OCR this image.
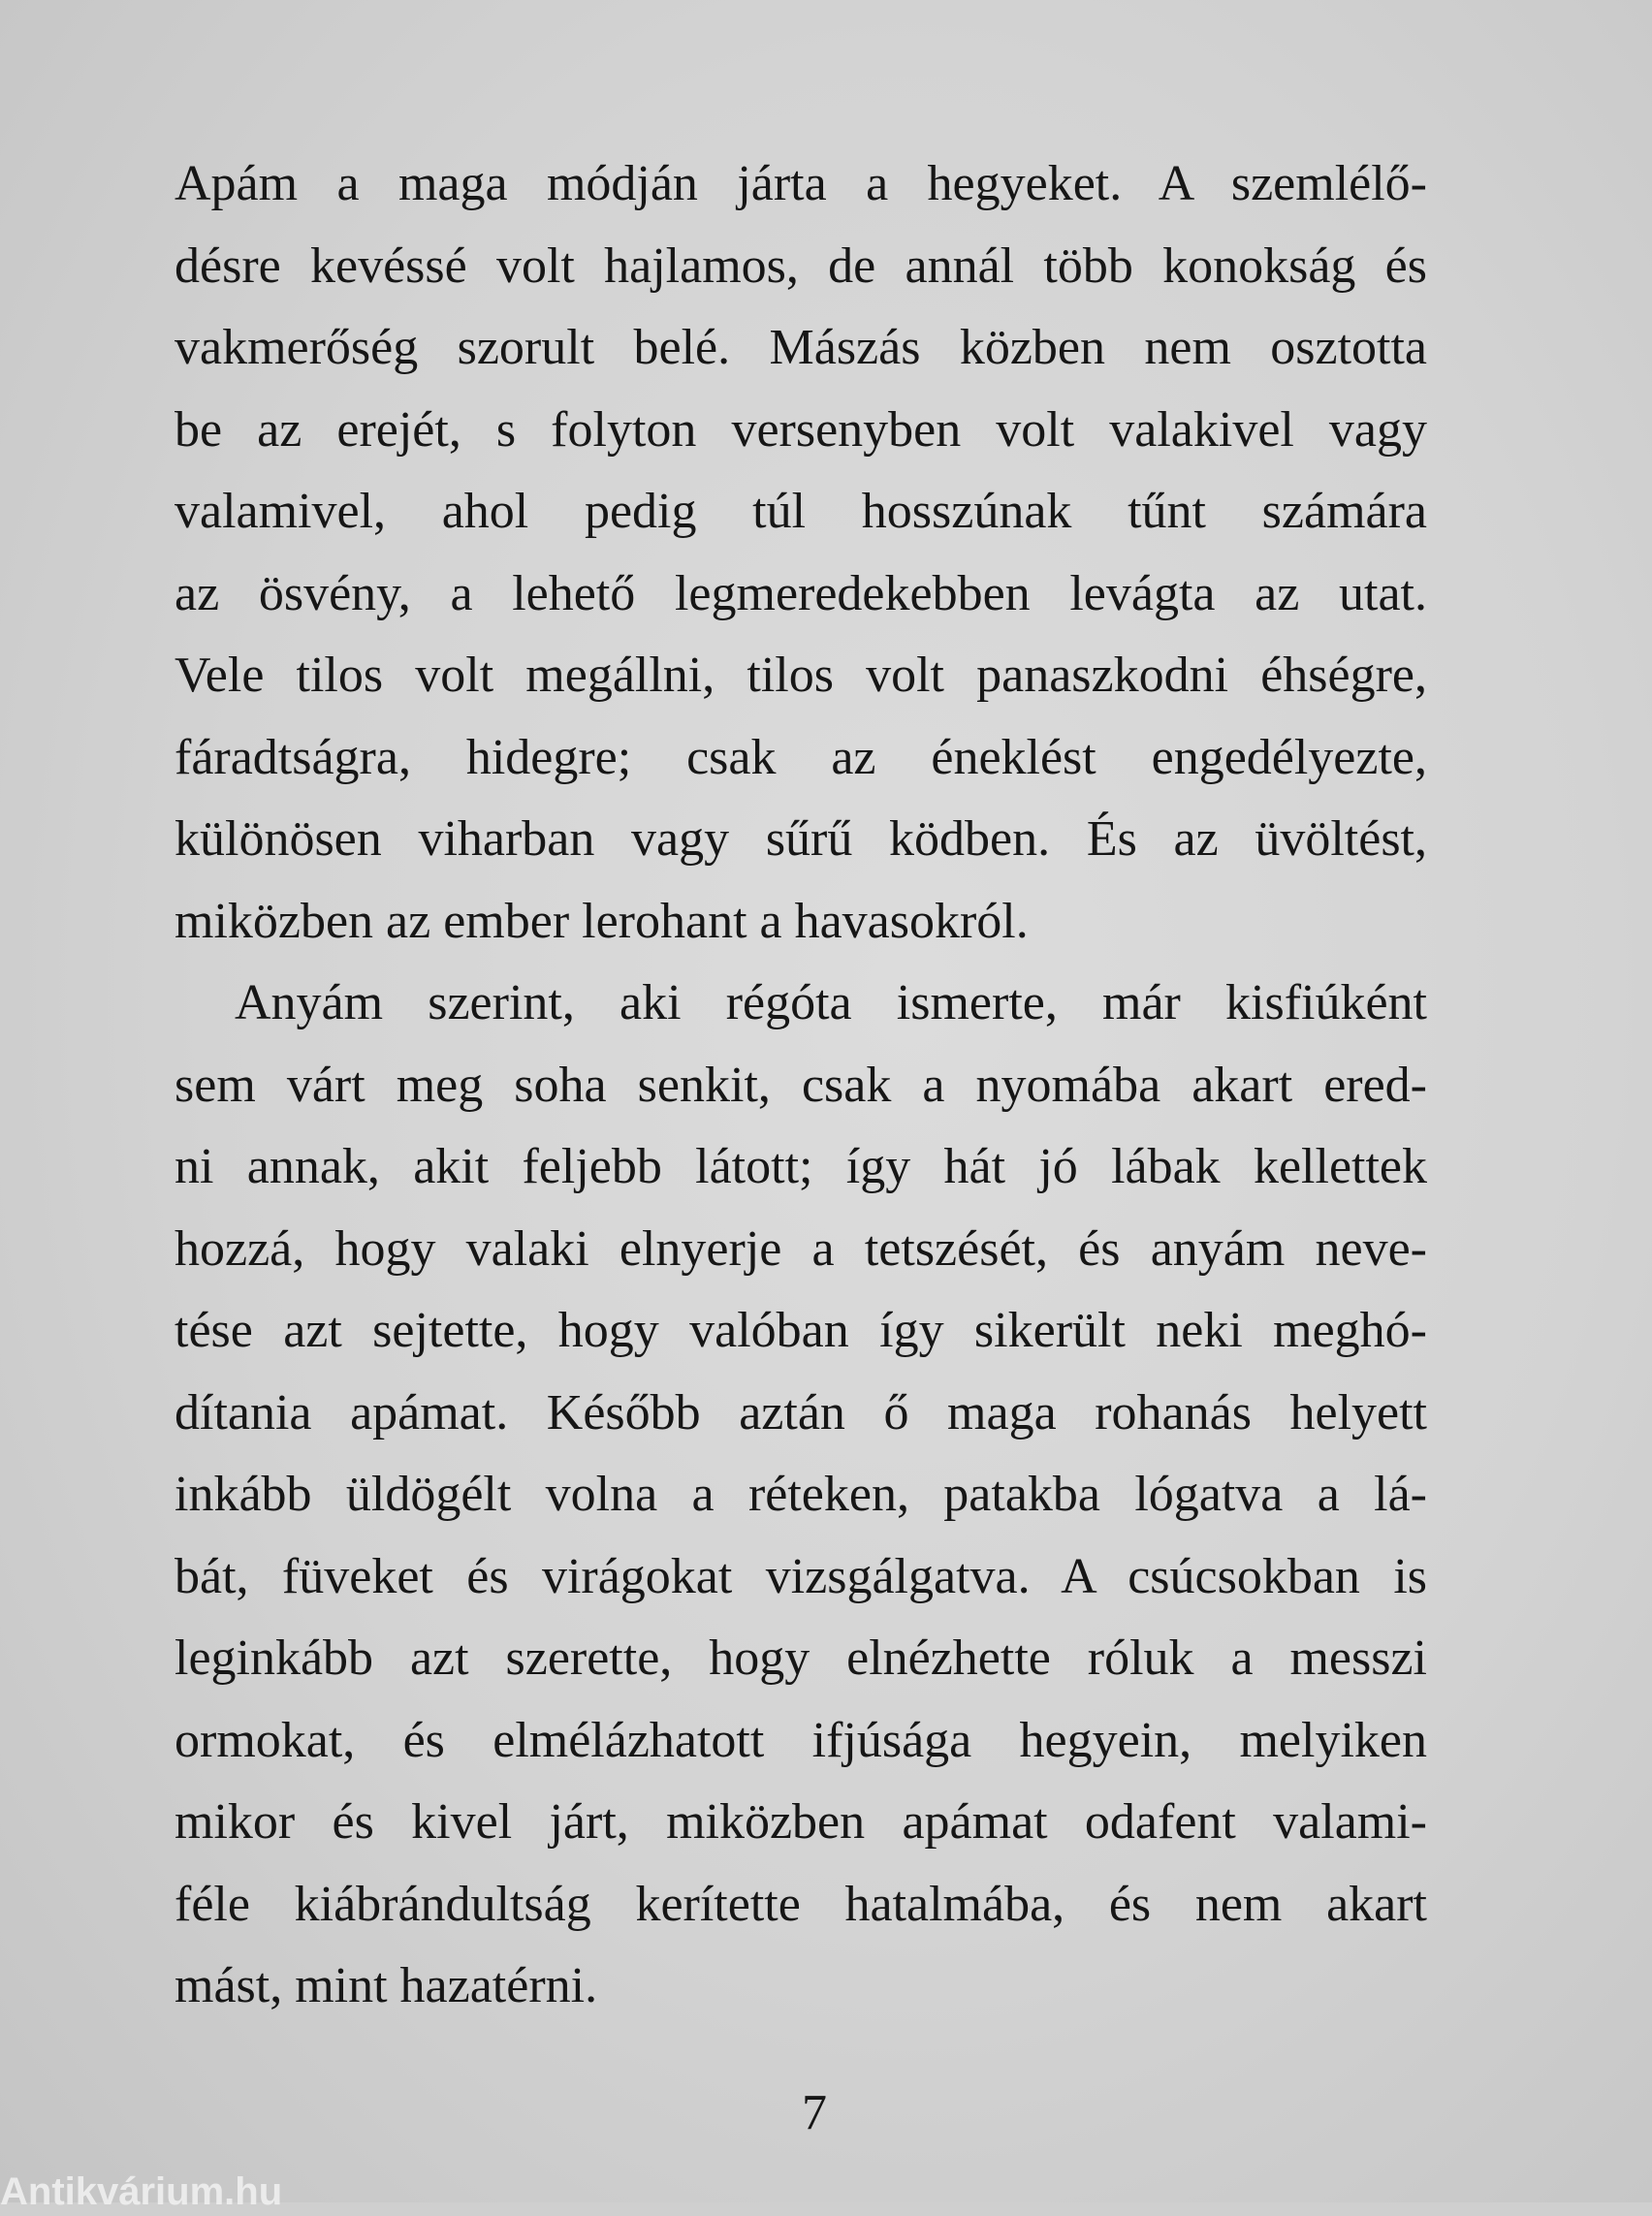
Apám a maga módján járta a hegyeket. A szemlélő-
désre kevéssé volt hajlamos, de annál több konokság és
vakmerőség szorult belé. Mászás közben nem osztotta
be az erejét, s folyton versenyben volt valakivel vagy
valamivel, ahol pedig túl hosszúnak tűnt számára
az ösvény, a lehető legmeredekebben levágta az utat.
Vele tilos volt megállni, tilos volt panaszkodni éhségre,
fáradtságra, hidegre; csak az éneklést engedélyezte,
különösen viharban vagy sűrű ködben. És az üvöltést,
miközben az ember lerohant a havasokról.
Anyám szerint, aki régóta ismerte, már kisfiúként
sem várt meg soha senkit, csak a nyomába akart ered-
ni annak, akit feljebb látott; így hát jó lábak kellettek
hozzá, hogy valaki elnyerje a tetszését, és anyám neve-
tése azt sejtette, hogy valóban így sikerült neki meghó-
dítania apámat. Később aztán ő maga rohanás helyett
inkább üldögélt volna a réteken, patakba lógatva a lá-
bát, füveket és virágokat vizsgálgatva. A csúcsokban is
leginkább azt szerette, hogy elnézhette róluk a messzi
ormokat, és elmélázhatott ifjúsága hegyein, melyiken
mikor és kivel járt, miközben apámat odafent valami-
féle kiábrándultság kerítette hatalmába, és nem akart
mást, mint hazatérni.
7
Antikvárium.hu
